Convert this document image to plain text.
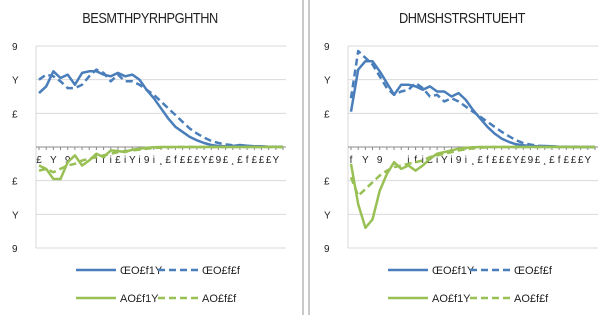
BESMTHPYRHPGHTHN
9
Y
£
£
Y
9
£ Y 9 ¸ i f i £ i Y i 9 i ¸ £ f £ £ £ Y £ 9 £ ¸ £ f £ £ £ Y
ŒO£f1Y	ŒO£f£f
AO£f1Y	AO£f£f
DHMSHSTRSHTUEHT
9
Y
£
£
Y
9
f Y 9 ¸ i f i £ i Y i 9 i ¸ £ f £ £ £ Y £ 9 £ ¸ £ f £ £ £ Y
ŒO£f1Y	ŒO£f£f
AO£f1Y	AO£f£f
